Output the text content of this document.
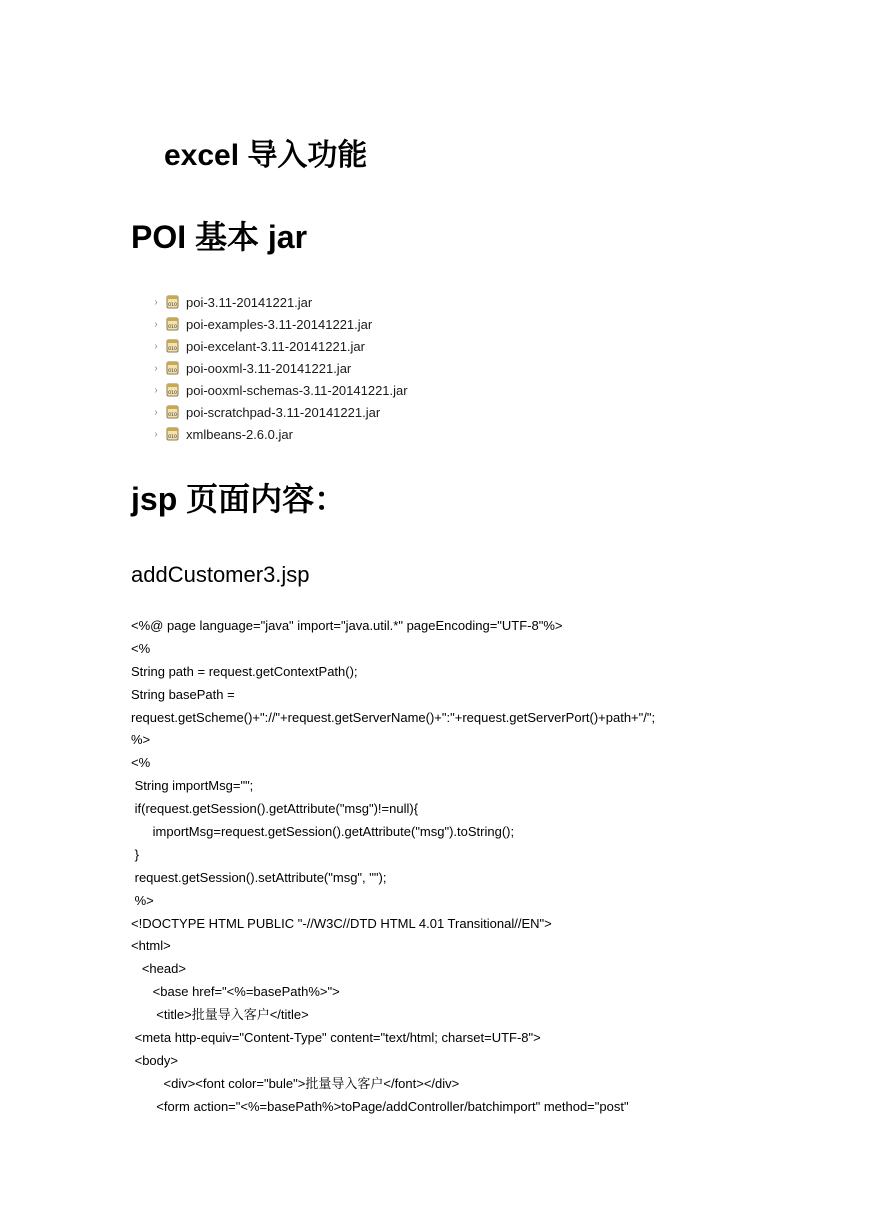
excel 导入功能
POI 基本 jar
›	010 poi-3.11-20141221.jar
›	010 poi-examples-3.11-20141221.jar
›	010 poi-excelant-3.11-20141221.jar
›	010 poi-ooxml-3.11-20141221.jar
›	010 poi-ooxml-schemas-3.11-20141221.jar
›	010 poi-scratchpad-3.11-20141221.jar
›	010 xmlbeans-2.6.0.jar
jsp 页面内容：
addCustomer3.jsp
<%@ page language="java" import="java.util.*" pageEncoding="UTF-8"%>
<%
String path = request.getContextPath();
String basePath =
request.getScheme()+"://"+request.getServerName()+":"+request.getServerPort()+path+"/";
%>
<%
String importMsg="";
if(request.getSession().getAttribute("msg")!=null){
importMsg=request.getSession().getAttribute("msg").toString();
}
request.getSession().setAttribute("msg", "");
%>
<!DOCTYPE HTML PUBLIC "-//W3C//DTD HTML 4.01 Transitional//EN">
<html>
<head>
<base href="<%=basePath%>">
<title>批量导入客户</title>
<meta http-equiv="Content-Type" content="text/html; charset=UTF-8">
<body>
<div><font color="bule">批量导入客户</font></div>
<form action="<%=basePath%>toPage/addController/batchimport" method="post"
